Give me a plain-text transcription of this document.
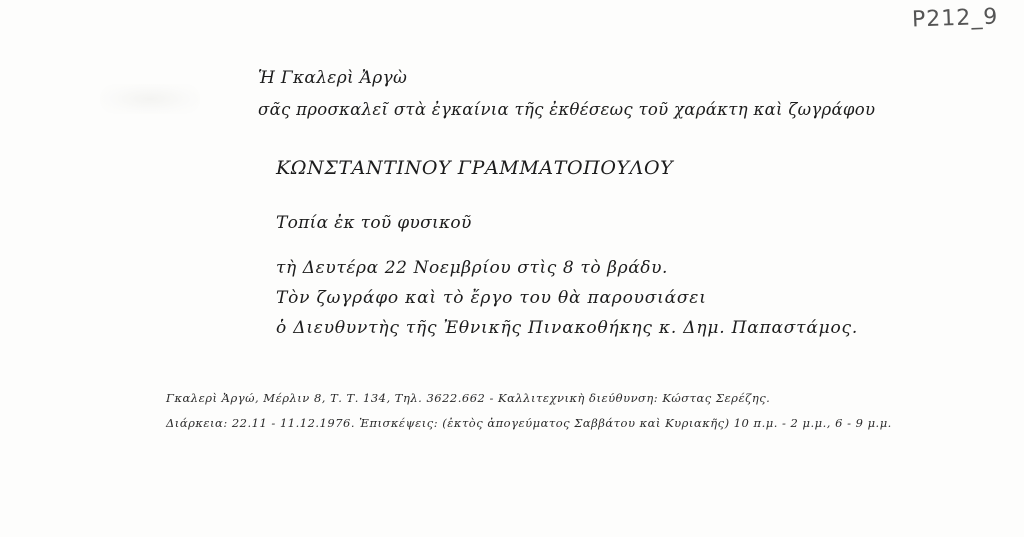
P212_9
Ἡ Γκαλερὶ Ἀργὼ
σᾶς προσκαλεῖ στὰ ἐγκαίνια τῆς ἐκθέσεως τοῦ χαράκτη καὶ ζωγράφου
ΚΩΝΣΤΑΝΤΙΝΟΥ ΓΡΑΜΜΑΤΟΠΟΥΛΟΥ
Τοπία ἐκ τοῦ φυσικοῦ
τὴ Δευτέρα 22 Νοεμβρίου στὶς 8 τὸ βράδυ.
Τὸν ζωγράφο καὶ τὸ ἔργο του θὰ παρουσιάσει
ὁ Διευθυντὴς τῆς Ἐθνικῆς Πινακοθήκης κ. Δημ. Παπαστάμος.
Γκαλερὶ Ἀργώ, Μέρλιν 8, Τ. Τ. 134, Τηλ. 3622.662 - Καλλιτεχνικὴ διεύθυνση: Κώστας Σερέζης.
Διάρκεια: 22.11 - 11.12.1976. Ἐπισκέψεις: (ἐκτὸς ἀπογεύματος Σαββάτου καὶ Κυριακῆς) 10 π.μ. - 2 μ.μ., 6 - 9 μ.μ.
